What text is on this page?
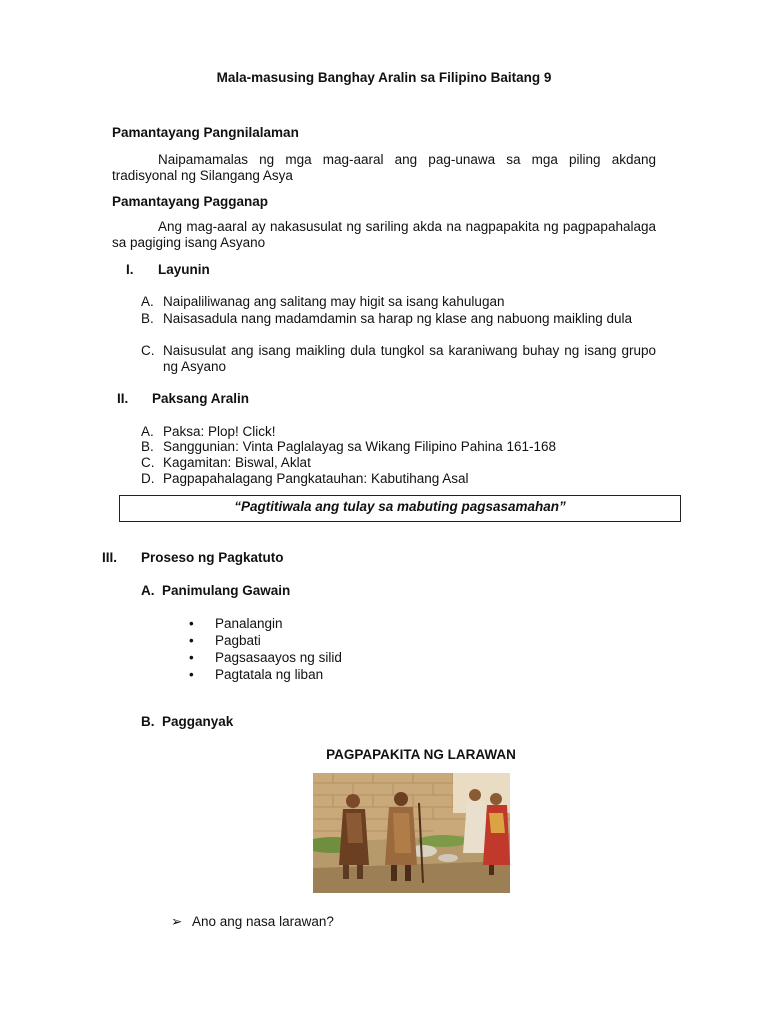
Mala-masusing Banghay Aralin sa Filipino Baitang 9
Pamantayang Pangnilalaman
Naipamamalas ng mga mag-aaral ang pag-unawa sa mga piling akdang tradisyonal ng Silangang Asya
Pamantayang Pagganap
Ang mag-aaral ay nakasusulat ng sariling akda na nagpapakita ng pagpapahalaga sa pagiging isang Asyano
I. Layunin
A. Naipaliliwanag ang salitang may higit sa isang kahulugan
B. Naisasadula nang madamdamin sa harap ng klase ang nabuong maikling dula
C. Naisusulat ang isang maikling dula tungkol sa karaniwang buhay ng isang grupo ng Asyano
II. Paksang Aralin
A. Paksa: Plop! Click!
B. Sanggunian: Vinta Paglalayag sa Wikang Filipino Pahina 161-168
C. Kagamitan: Biswal, Aklat
D. Pagpapahalagang Pangkatauhan: Kabutihang Asal
“Pagtitiwala ang tulay sa mabuting pagsasamahan”
III. Proseso ng Pagkatuto
A.  Panimulang Gawain
• Panalangin
• Pagbati
• Pagsasaayos ng silid
• Pagtatala ng liban
B.  Pagganyak
PAGPAPAKITA NG LARAWAN
➢ Ano ang nasa larawan?
